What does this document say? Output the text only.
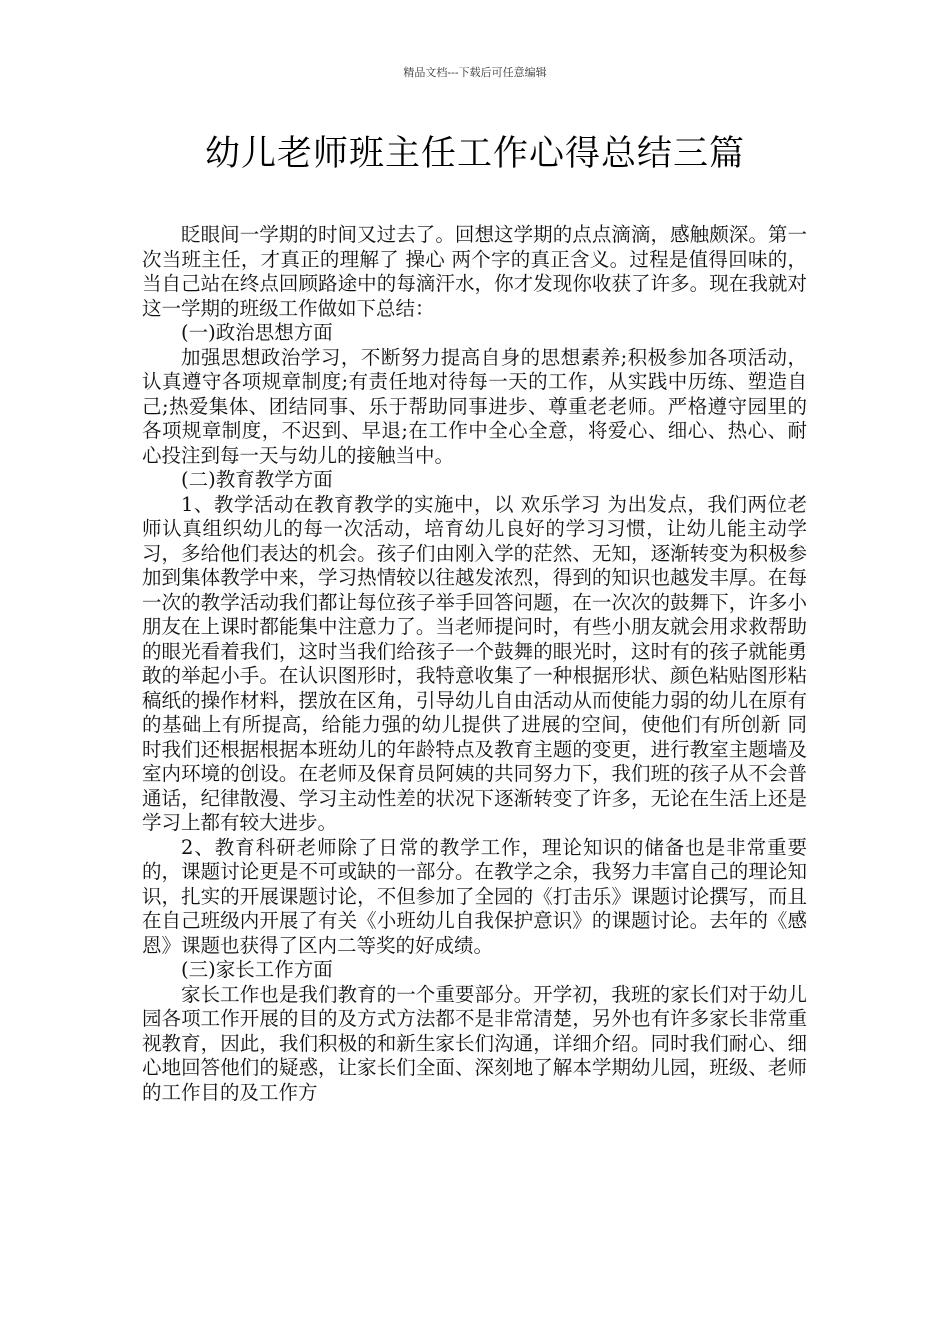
精品文档---下载后可任意编辑
幼儿老师班主任工作心得总结三篇

眨眼间一学期的时间又过去了。回想这学期的点点滴滴，感触颇深。第一次当班主任，才真正的理解了 操心 两个字的真正含义。过程是值得回味的，当自己站在终点回顾路途中的每滴汗水，你才发现你收获了许多。现在我就对这一学期的班级工作做如下总结：

(一)政治思想方面

加强思想政治学习，不断努力提高自身的思想素养;积极参加各项活动，认真遵守各项规章制度;有责任地对待每一天的工作，从实践中历练、塑造自己;热爱集体、团结同事、乐于帮助同事进步、尊重老老师。严格遵守园里的各项规章制度，不迟到、早退;在工作中全心全意，将爱心、细心、热心、耐心投注到每一天与幼儿的接触当中。

(二)教育教学方面

1、教学活动在教育教学的实施中，以 欢乐学习 为出发点，我们两位老师认真组织幼儿的每一次活动，培育幼儿良好的学习习惯，让幼儿能主动学习，多给他们表达的机会。孩子们由刚入学的茫然、无知，逐渐转变为积极参加到集体教学中来，学习热情较以往越发浓烈，得到的知识也越发丰厚。在每一次的教学活动我们都让每位孩子举手回答问题，在一次次的鼓舞下，许多小朋友在上课时都能集中注意力了。当老师提问时，有些小朋友就会用求救帮助的眼光看着我们，这时当我们给孩子一个鼓舞的眼光时，这时有的孩子就能勇敢的举起小手。在认识图形时，我特意收集了一种根据形状、颜色粘贴图形粘稿纸的操作材料，摆放在区角，引导幼儿自由活动从而使能力弱的幼儿在原有的基础上有所提高，给能力强的幼儿提供了进展的空间，使他们有所创新 同时我们还根据根据本班幼儿的年龄特点及教育主题的变更，进行教室主题墙及室内环境的创设。在老师及保育员阿姨的共同努力下，我们班的孩子从不会普通话，纪律散漫、学习主动性差的状况下逐渐转变了许多，无论在生活上还是学习上都有较大进步。

2、教育科研老师除了日常的教学工作，理论知识的储备也是非常重要的，课题讨论更是不可或缺的一部分。在教学之余，我努力丰富自己的理论知识，扎实的开展课题讨论，不但参加了全园的《打击乐》课题讨论撰写，而且在自己班级内开展了有关《小班幼儿自我保护意识》的课题讨论。去年的《感恩》课题也获得了区内二等奖的好成绩。

(三)家长工作方面

家长工作也是我们教育的一个重要部分。开学初，我班的家长们对于幼儿园各项工作开展的目的及方式方法都不是非常清楚，另外也有许多家长非常重视教育，因此，我们积极的和新生家长们沟通，详细介绍。同时我们耐心、细心地回答他们的疑惑，让家长们全面、深刻地了解本学期幼儿园，班级、老师的工作目的及工作方
